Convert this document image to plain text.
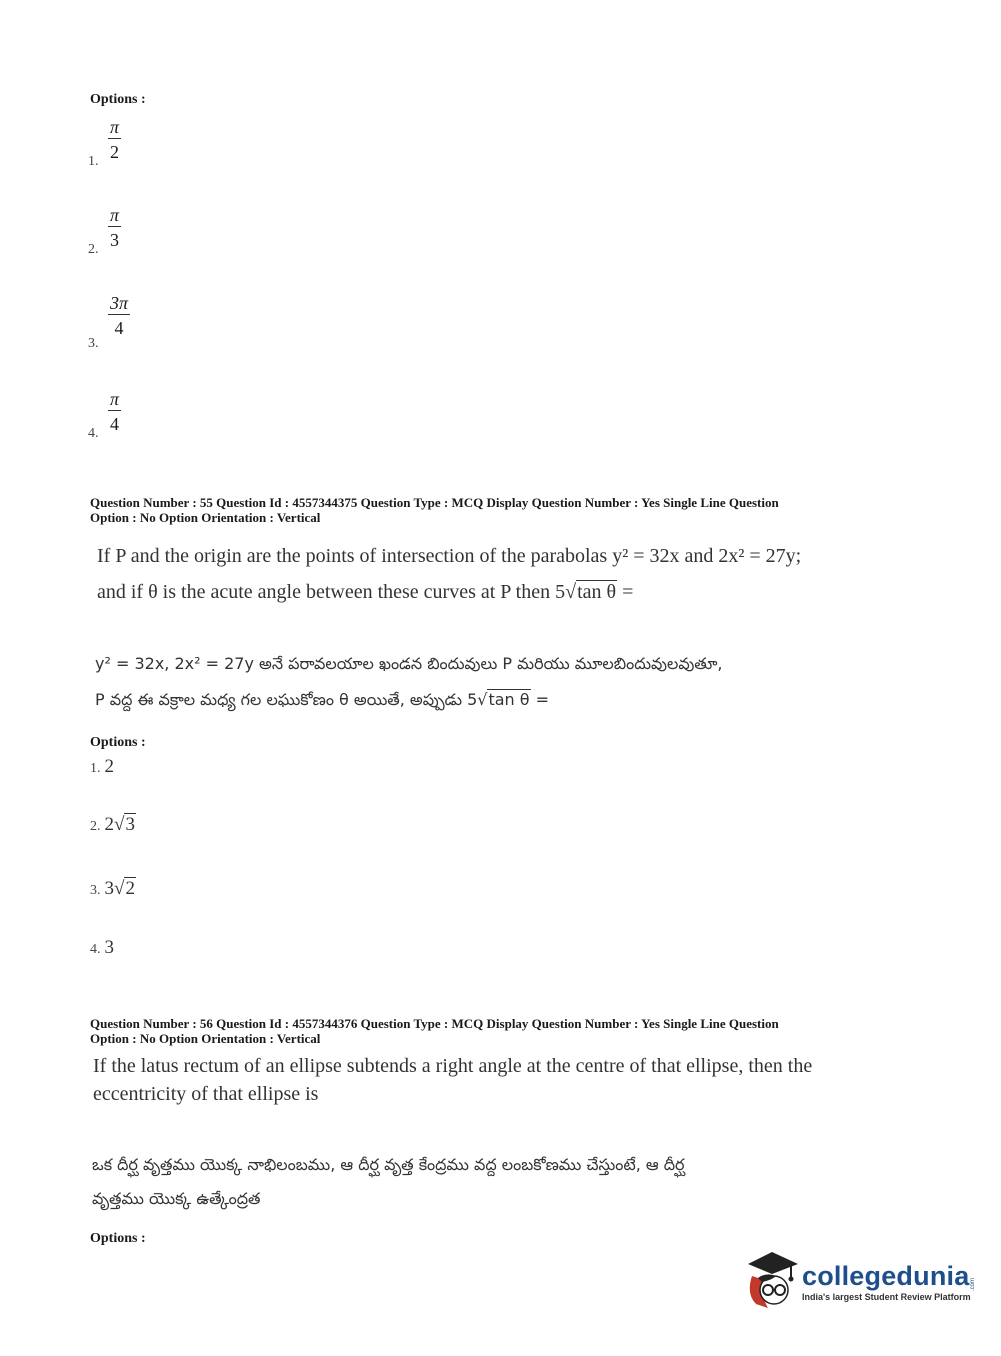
Options :
1.
π
2
2.
π
3
3.
3π
4
4.
π
4
Question Number : 55 Question Id : 4557344375 Question Type : MCQ Display Question Number : Yes Single Line Question
Option : No Option Orientation : Vertical
If P and the origin are the points of intersection of the parabolas y² = 32x and 2x² = 27y;
and if θ is the acute angle between these curves at P then 5√tan θ =
y² = 32x, 2x² = 27y అనే పరావలయాల ఖండన బిందువులు P మరియు మూలబిందువులవుతూ,
P వద్ద ఈ వక్రాల మధ్య గల లఘుకోణం θ అయితే, అప్పుడు 5√tan θ =
Options :
1. 2
2. 2√3
3. 3√2
4. 3
Question Number : 56 Question Id : 4557344376 Question Type : MCQ Display Question Number : Yes Single Line Question
Option : No Option Orientation : Vertical
If the latus rectum of an ellipse subtends a right angle at the centre of that ellipse, then the
eccentricity of that ellipse is
ఒక దీర్ఘ వృత్తము యొక్క నాభిలంబము, ఆ దీర్ఘ వృత్త కేంద్రము వద్ద లంబకోణము చేస్తుంటే, ఆ దీర్ఘ
వృత్తము యొక్క ఉత్కేంద్రత
Options :
collegedunia .com
India's largest Student Review Platform
